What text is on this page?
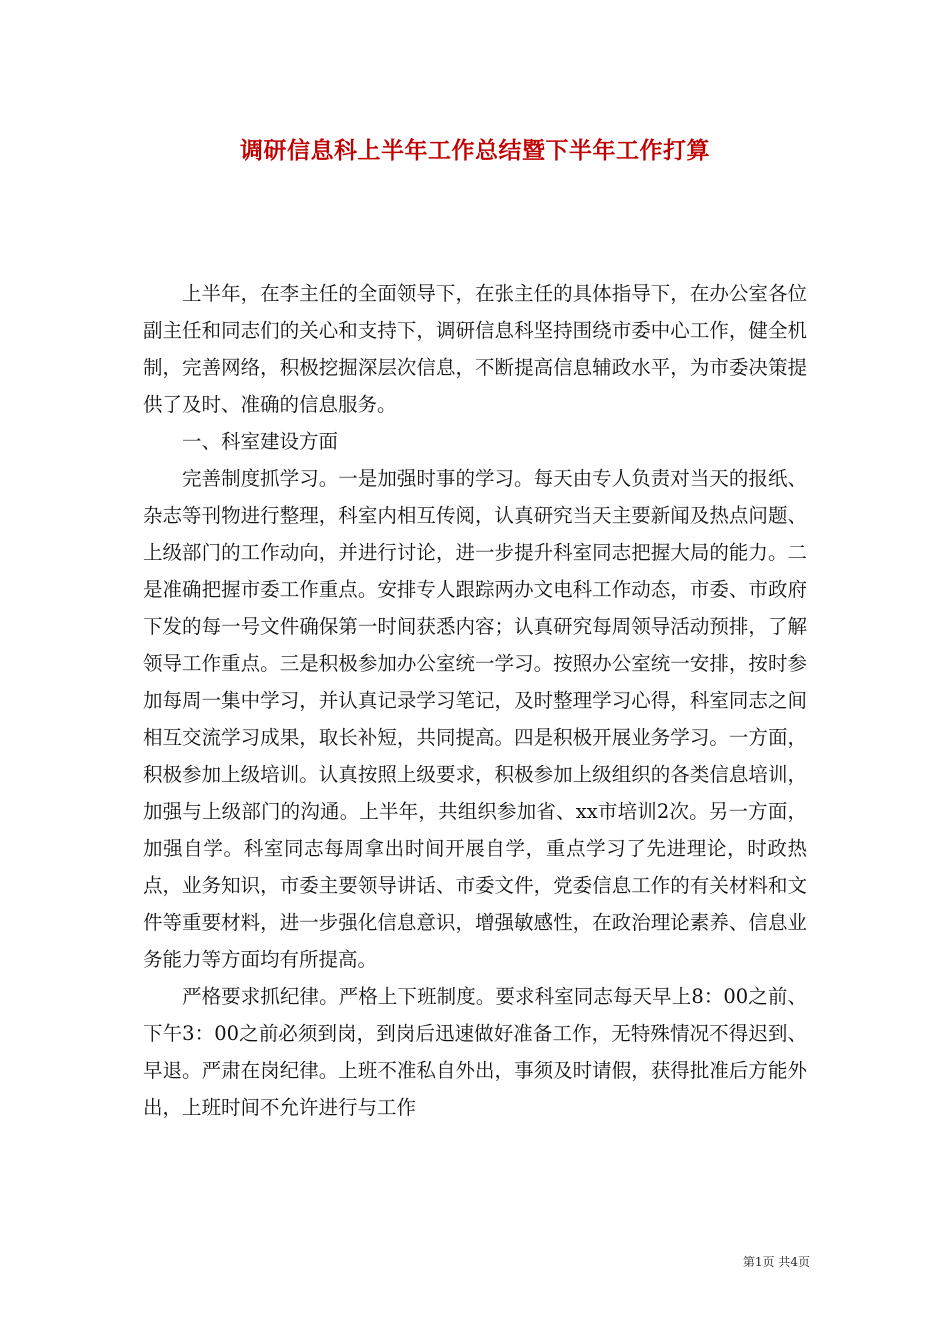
调研信息科上半年工作总结暨下半年工作打算

上半年，在李主任的全面领导下，在张主任的具体指导下，在办公室各位副主任和同志们的关心和支持下，调研信息科坚持围绕市委中心工作，健全机制，完善网络，积极挖掘深层次信息，不断提高信息辅政水平，为市委决策提供了及时、准确的信息服务。

一、科室建设方面

完善制度抓学习。一是加强时事的学习。每天由专人负责对当天的报纸、杂志等刊物进行整理，科室内相互传阅，认真研究当天主要新闻及热点问题、上级部门的工作动向，并进行讨论，进一步提升科室同志把握大局的能力。二是准确把握市委工作重点。安排专人跟踪两办文电科工作动态，市委、市政府下发的每一号文件确保第一时间获悉内容；认真研究每周领导活动预排，了解领导工作重点。三是积极参加办公室统一学习。按照办公室统一安排，按时参加每周一集中学习，并认真记录学习笔记，及时整理学习心得，科室同志之间相互交流学习成果，取长补短，共同提高。四是积极开展业务学习。一方面，积极参加上级培训。认真按照上级要求，积极参加上级组织的各类信息培训，加强与上级部门的沟通。上半年，共组织参加省、xx市培训2次。另一方面，加强自学。科室同志每周拿出时间开展自学，重点学习了先进理论，时政热点，业务知识，市委主要领导讲话、市委文件，党委信息工作的有关材料和文件等重要材料，进一步强化信息意识，增强敏感性，在政治理论素养、信息业务能力等方面均有所提高。

严格要求抓纪律。严格上下班制度。要求科室同志每天早上8：00之前、下午3：00之前必须到岗，到岗后迅速做好准备工作，无特殊情况不得迟到、早退。严肃在岗纪律。上班不准私自外出，事须及时请假，获得批准后方能外出，上班时间不允许进行与工作

第1页 共4页
